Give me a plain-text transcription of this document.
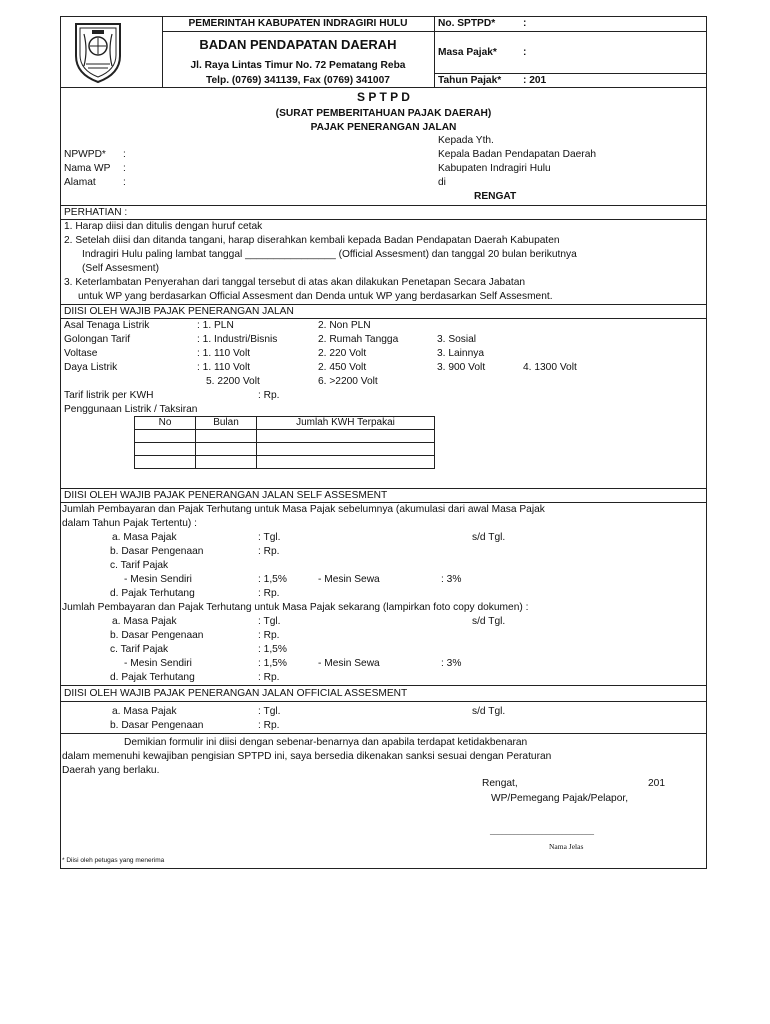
PEMERINTAH KABUPATEN INDRAGIRI HULU
BADAN PENDAPATAN DAERAH
Jl. Raya Lintas Timur No. 72 Pematang Reba
Telp. (0769) 341139, Fax (0769) 341007
No. SPTPD*	:
Masa Pajak*	:
Tahun Pajak* : 201
S P T P D
(SURAT PEMBERITAHUAN PAJAK DAERAH)
PAJAK PENERANGAN JALAN
NPWPD* :
Nama WP :
Alamat	:
Kepada Yth.
Kepala Badan Pendapatan Daerah
Kabupaten Indragiri Hulu
di
RENGAT
PERHATIAN :
1. Harap diisi dan ditulis dengan huruf cetak
2. Setelah diisi dan ditanda tangani, harap diserahkan kembali kepada Badan Pendapatan Daerah Kabupaten
Indragiri Hulu paling lambat tanggal ________________ (Official Assesment) dan tanggal 20 bulan berikutnya
(Self Assesment)
3. Keterlambatan Penyerahan dari tanggal tersebut di atas akan dilakukan Penetapan Secara Jabatan
untuk WP yang berdasarkan Official Assesment dan Denda untuk WP yang berdasarkan Self Assesment.
DIISI OLEH WAJIB PAJAK PENERANGAN JALAN
Asal Tenaga Listrik	: 1. PLN	2. Non PLN
Golongan Tarif	: 1. Industri/Bisnis	2. Rumah Tangga	3. Sosial
Voltase	: 1. 110 Volt	2. 220 Volt	3. Lainnya
Daya Listrik	: 1. 110 Volt	2. 450 Volt	3. 900 Volt	4. 1300 Volt
5. 2200 Volt	6. >2200 Volt
Tarif listrik per KWH	: Rp.
Penggunaan Listrik / Taksiran
No	Bulan	Jumlah KWH Terpakai

DIISI OLEH WAJIB PAJAK PENERANGAN JALAN SELF ASSESMENT
Jumlah Pembayaran dan Pajak Terhutang untuk Masa Pajak sebelumnya (akumulasi dari awal Masa Pajak
dalam Tahun Pajak Tertentu) :
a. Masa Pajak	: Tgl.	s/d Tgl.
b. Dasar Pengenaan	: Rp.
c. Tarif Pajak
- Mesin Sendiri	: 1,5%	- Mesin Sewa	: 3%
d. Pajak Terhutang	: Rp.
Jumlah Pembayaran dan Pajak Terhutang untuk Masa Pajak sekarang (lampirkan foto copy dokumen) :
a. Masa Pajak	: Tgl.	s/d Tgl.
b. Dasar Pengenaan	: Rp.
c. Tarif Pajak	: 1,5%
- Mesin Sendiri	: 1,5%	- Mesin Sewa	: 3%
d. Pajak Terhutang	: Rp.
DIISI OLEH WAJIB PAJAK PENERANGAN JALAN OFFICIAL ASSESMENT
a. Masa Pajak	: Tgl.	s/d Tgl.
b. Dasar Pengenaan	: Rp.
Demikian formulir ini diisi dengan sebenar-benarnya dan apabila terdapat ketidakbenaran
dalam memenuhi kewajiban pengisian SPTPD ini, saya bersedia dikenakan sanksi sesuai dengan Peraturan
Daerah yang berlaku.
Rengat,	201
WP/Pemegang Pajak/Pelapor,
__________________________
Nama Jelas
* Diisi oleh petugas yang menerima
